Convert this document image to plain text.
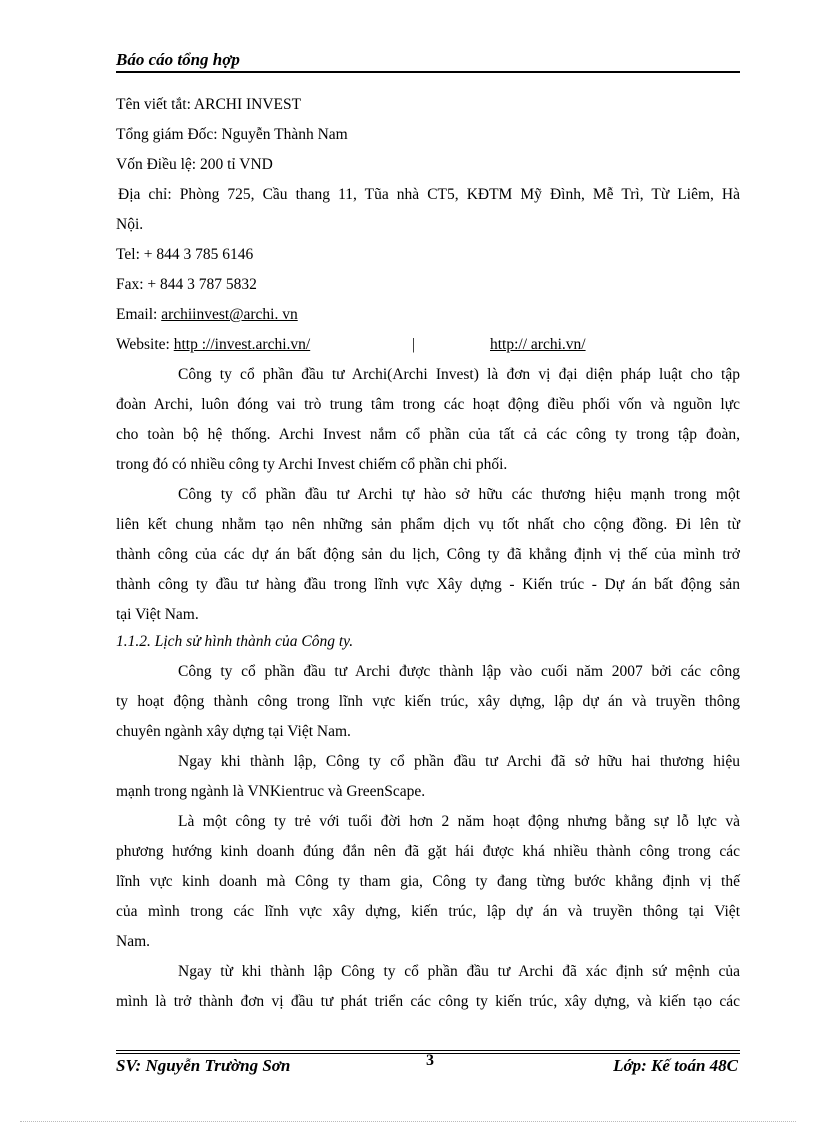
Báo cáo tổng hợp
Tên viết tắt: ARCHI INVEST
Tổng giám Đốc: Nguyễn Thành Nam
Vốn Điều lệ: 200 tỉ VND
Địa chỉ: Phòng 725, Cầu thang 11, Tũa nhà CT5, KĐTM Mỹ Đình, Mễ Trì, Từ Liêm, Hà
Nội.
Tel: + 844 3 785 6146
Fax: + 844 3 787 5832
Email: archiinvest@archi. vn
Website: http ://invest.archi.vn/	|	http:// archi.vn/
Công ty cổ phần đầu tư Archi(Archi Invest) là đơn vị đại diện pháp luật cho tập
đoàn Archi, luôn đóng vai trò trung tâm trong các hoạt động điều phối vốn và nguồn lực
cho toàn bộ hệ thống. Archi Invest nắm cổ phần của tất cả các công ty trong tập đoàn,
trong đó có nhiều công ty Archi Invest chiếm cổ phần chi phối.
Công ty cổ phần đầu tư Archi tự hào sở hữu các thương hiệu mạnh trong một
liên kết chung nhằm tạo nên những sản phẩm dịch vụ tốt nhất cho cộng đồng. Đi lên từ
thành công của các dự án bất động sản du lịch, Công ty đã khẳng định vị thế của mình trở
thành công ty đầu tư hàng đầu trong lĩnh vực Xây dựng - Kiến trúc - Dự án bất động sản
tại Việt Nam.
1.1.2. Lịch sử hình thành của Công ty.
Công ty cổ phần đầu tư Archi được thành lập vào cuối năm 2007 bởi các công
ty hoạt động thành công trong lĩnh vực kiến trúc, xây dựng, lập dự án và truyền thông
chuyên ngành xây dựng tại Việt Nam.
Ngay khi thành lập, Công ty cổ phần đầu tư Archi đã sở hữu hai thương hiệu
mạnh trong ngành là VNKientruc và GreenScape.
Là một công ty trẻ với tuổi đời hơn 2 năm hoạt động nhưng bằng sự lỗ lực và
phương hướng kinh doanh đúng đắn nên đã gặt hái được khá nhiều thành công trong các
lĩnh vực kinh doanh mà Công ty tham gia, Công ty đang từng bước khẳng định vị thế
của mình trong các lĩnh vực xây dựng, kiến trúc, lập dự án và truyền thông tại Việt
Nam.
Ngay từ khi thành lập Công ty cổ phần đầu tư Archi đã xác định sứ mệnh của
mình là trở thành đơn vị đầu tư phát triển các công ty kiến trúc, xây dựng, và kiến tạo các
SV: Nguyễn Trường Sơn	3	Lớp: Kế toán 48C
